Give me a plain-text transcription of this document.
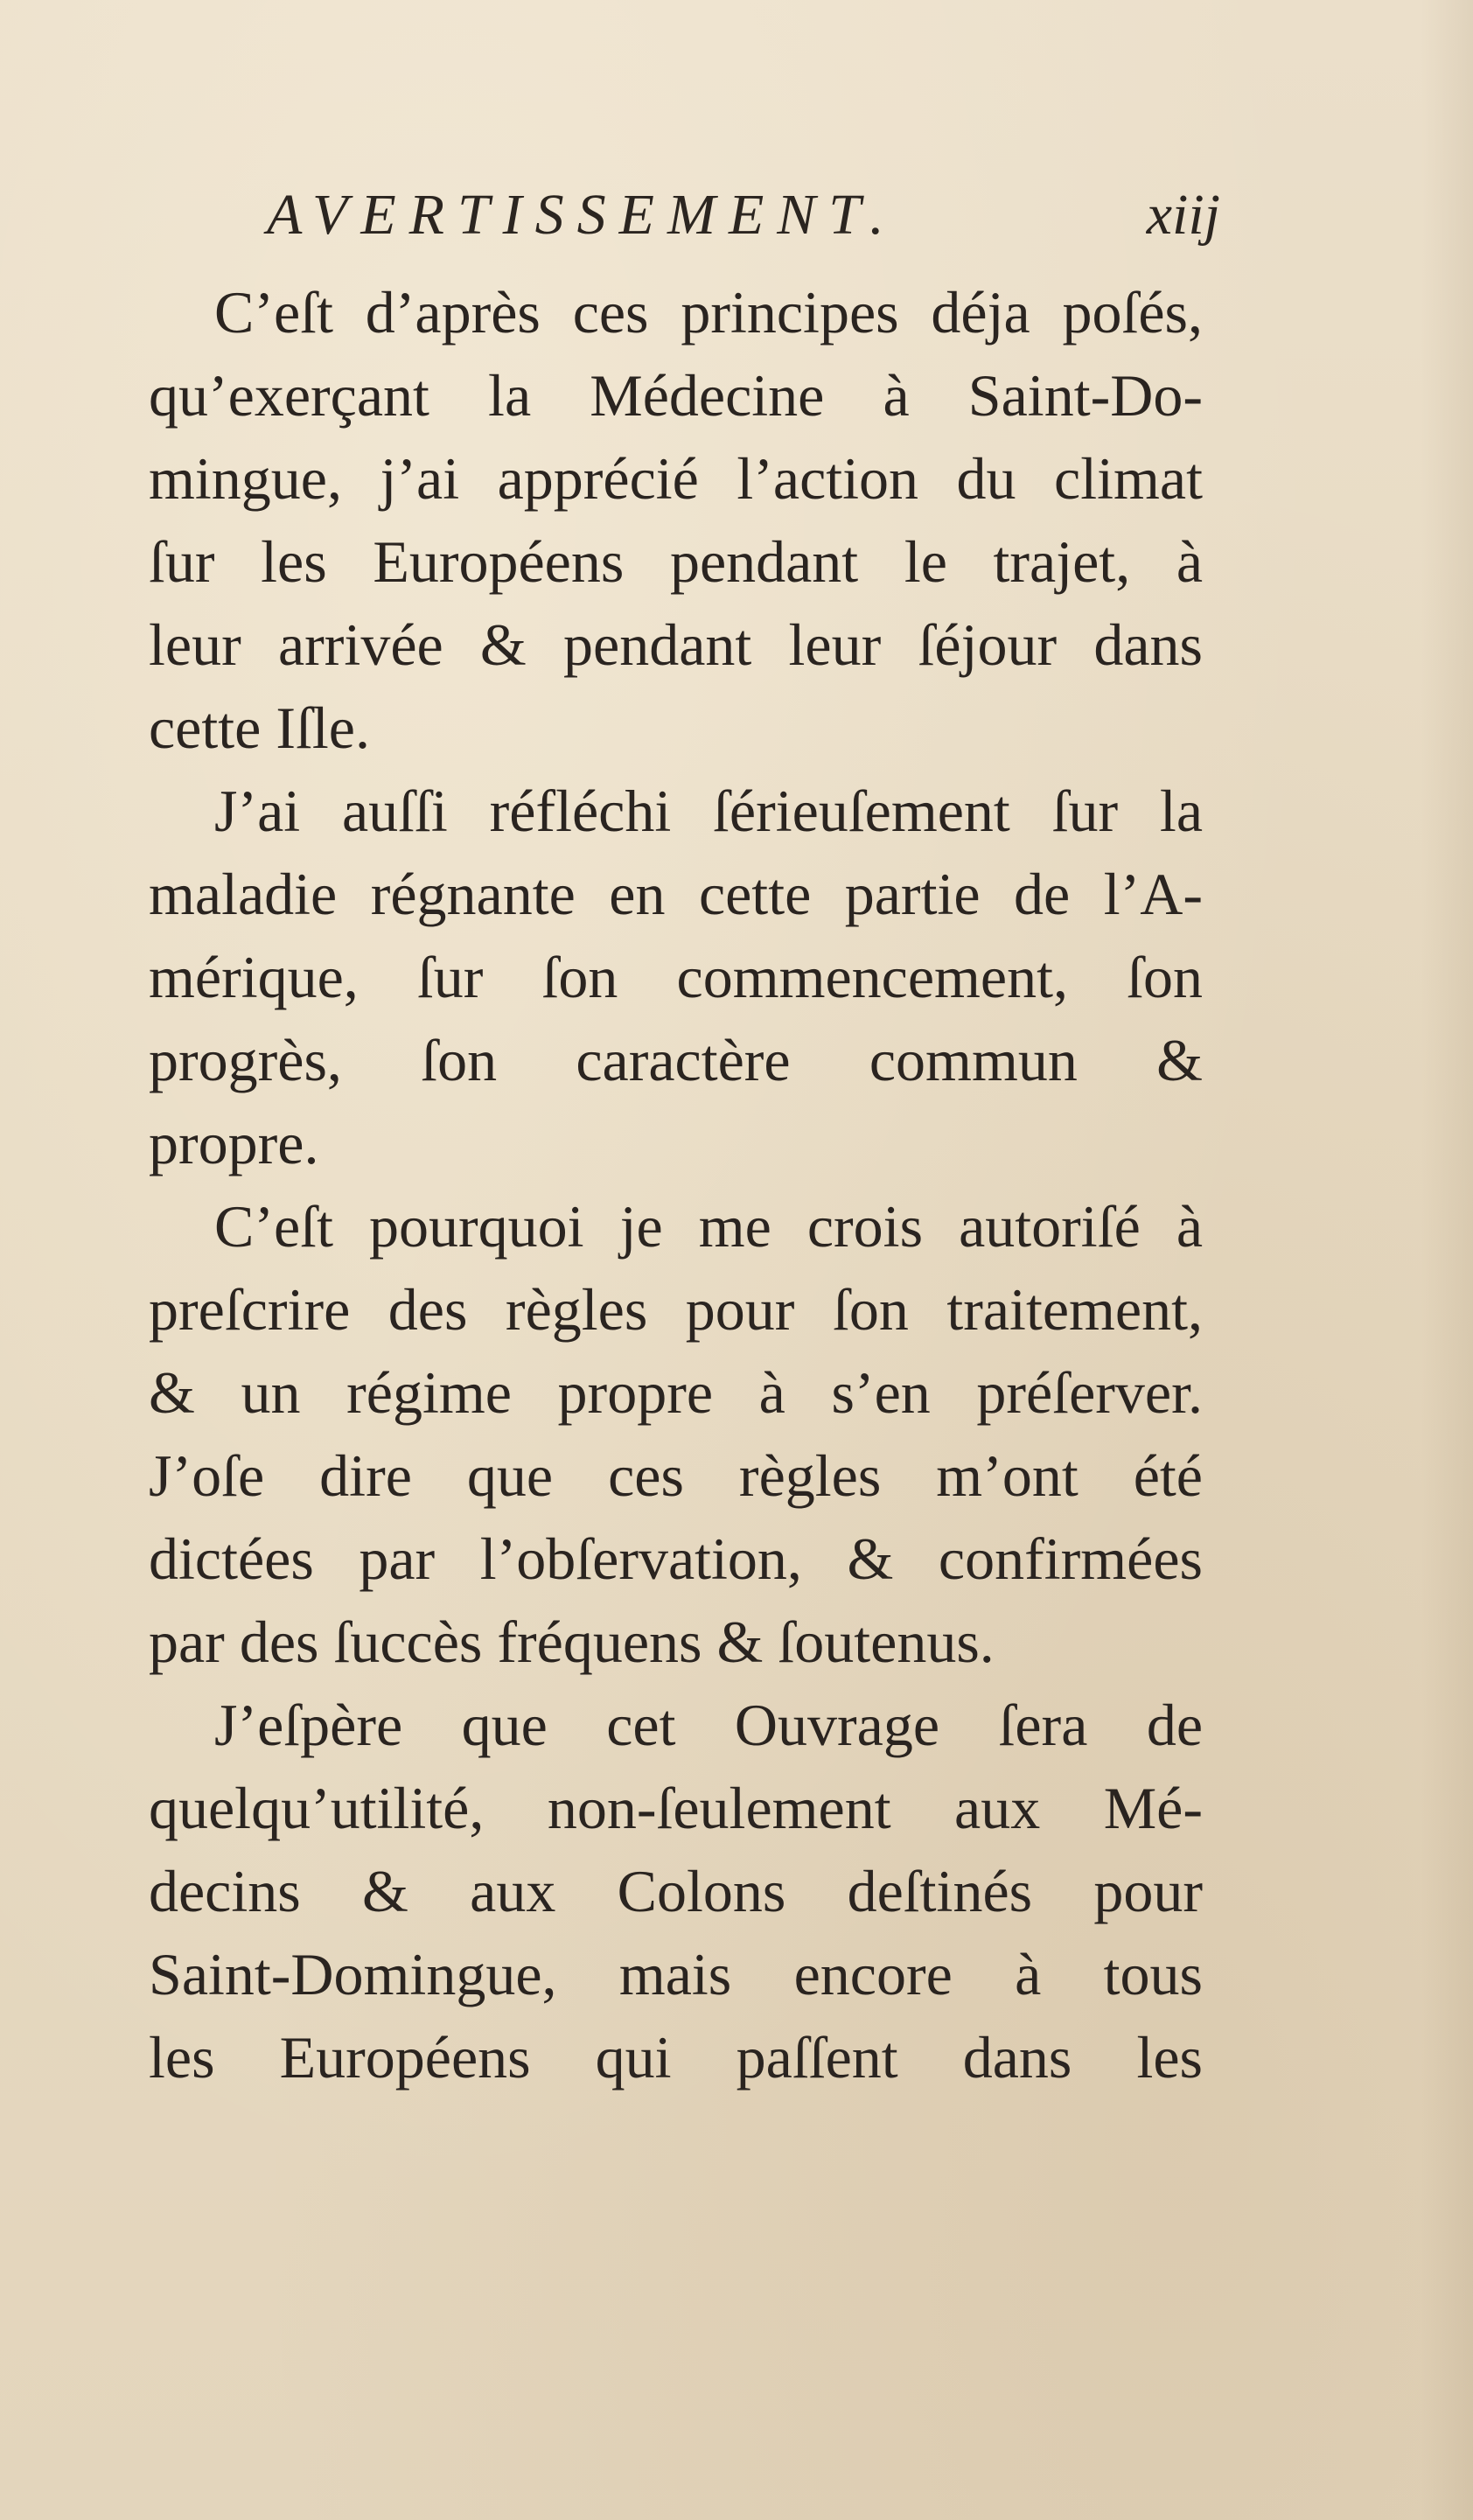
AVERTISSEMENT.	xiij

C’eſt d’après ces principes déja poſés,
qu’exerçant la Médecine à Saint-Do-
mingue, j’ai apprécié l’action du climat
ſur les Européens pendant le trajet, à
leur arrivée & pendant leur ſéjour dans
cette Iſle.

J’ai auſſi réfléchi ſérieuſement ſur la
maladie régnante en cette partie de l’A-
mérique, ſur ſon commencement, ſon
progrès, ſon caractère commun &
propre.

C’eſt pourquoi je me crois autoriſé à
preſcrire des règles pour ſon traitement,
& un régime propre à s’en préſerver.
J’oſe dire que ces règles m’ont été
dictées par l’obſervation, & confirmées
par des ſuccès fréquens & ſoutenus.

J’eſpère que cet Ouvrage ſera de
quelqu’utilité, non-ſeulement aux Mé-
decins & aux Colons deſtinés pour
Saint-Domingue, mais encore à tous
les Européens qui paſſent dans les
